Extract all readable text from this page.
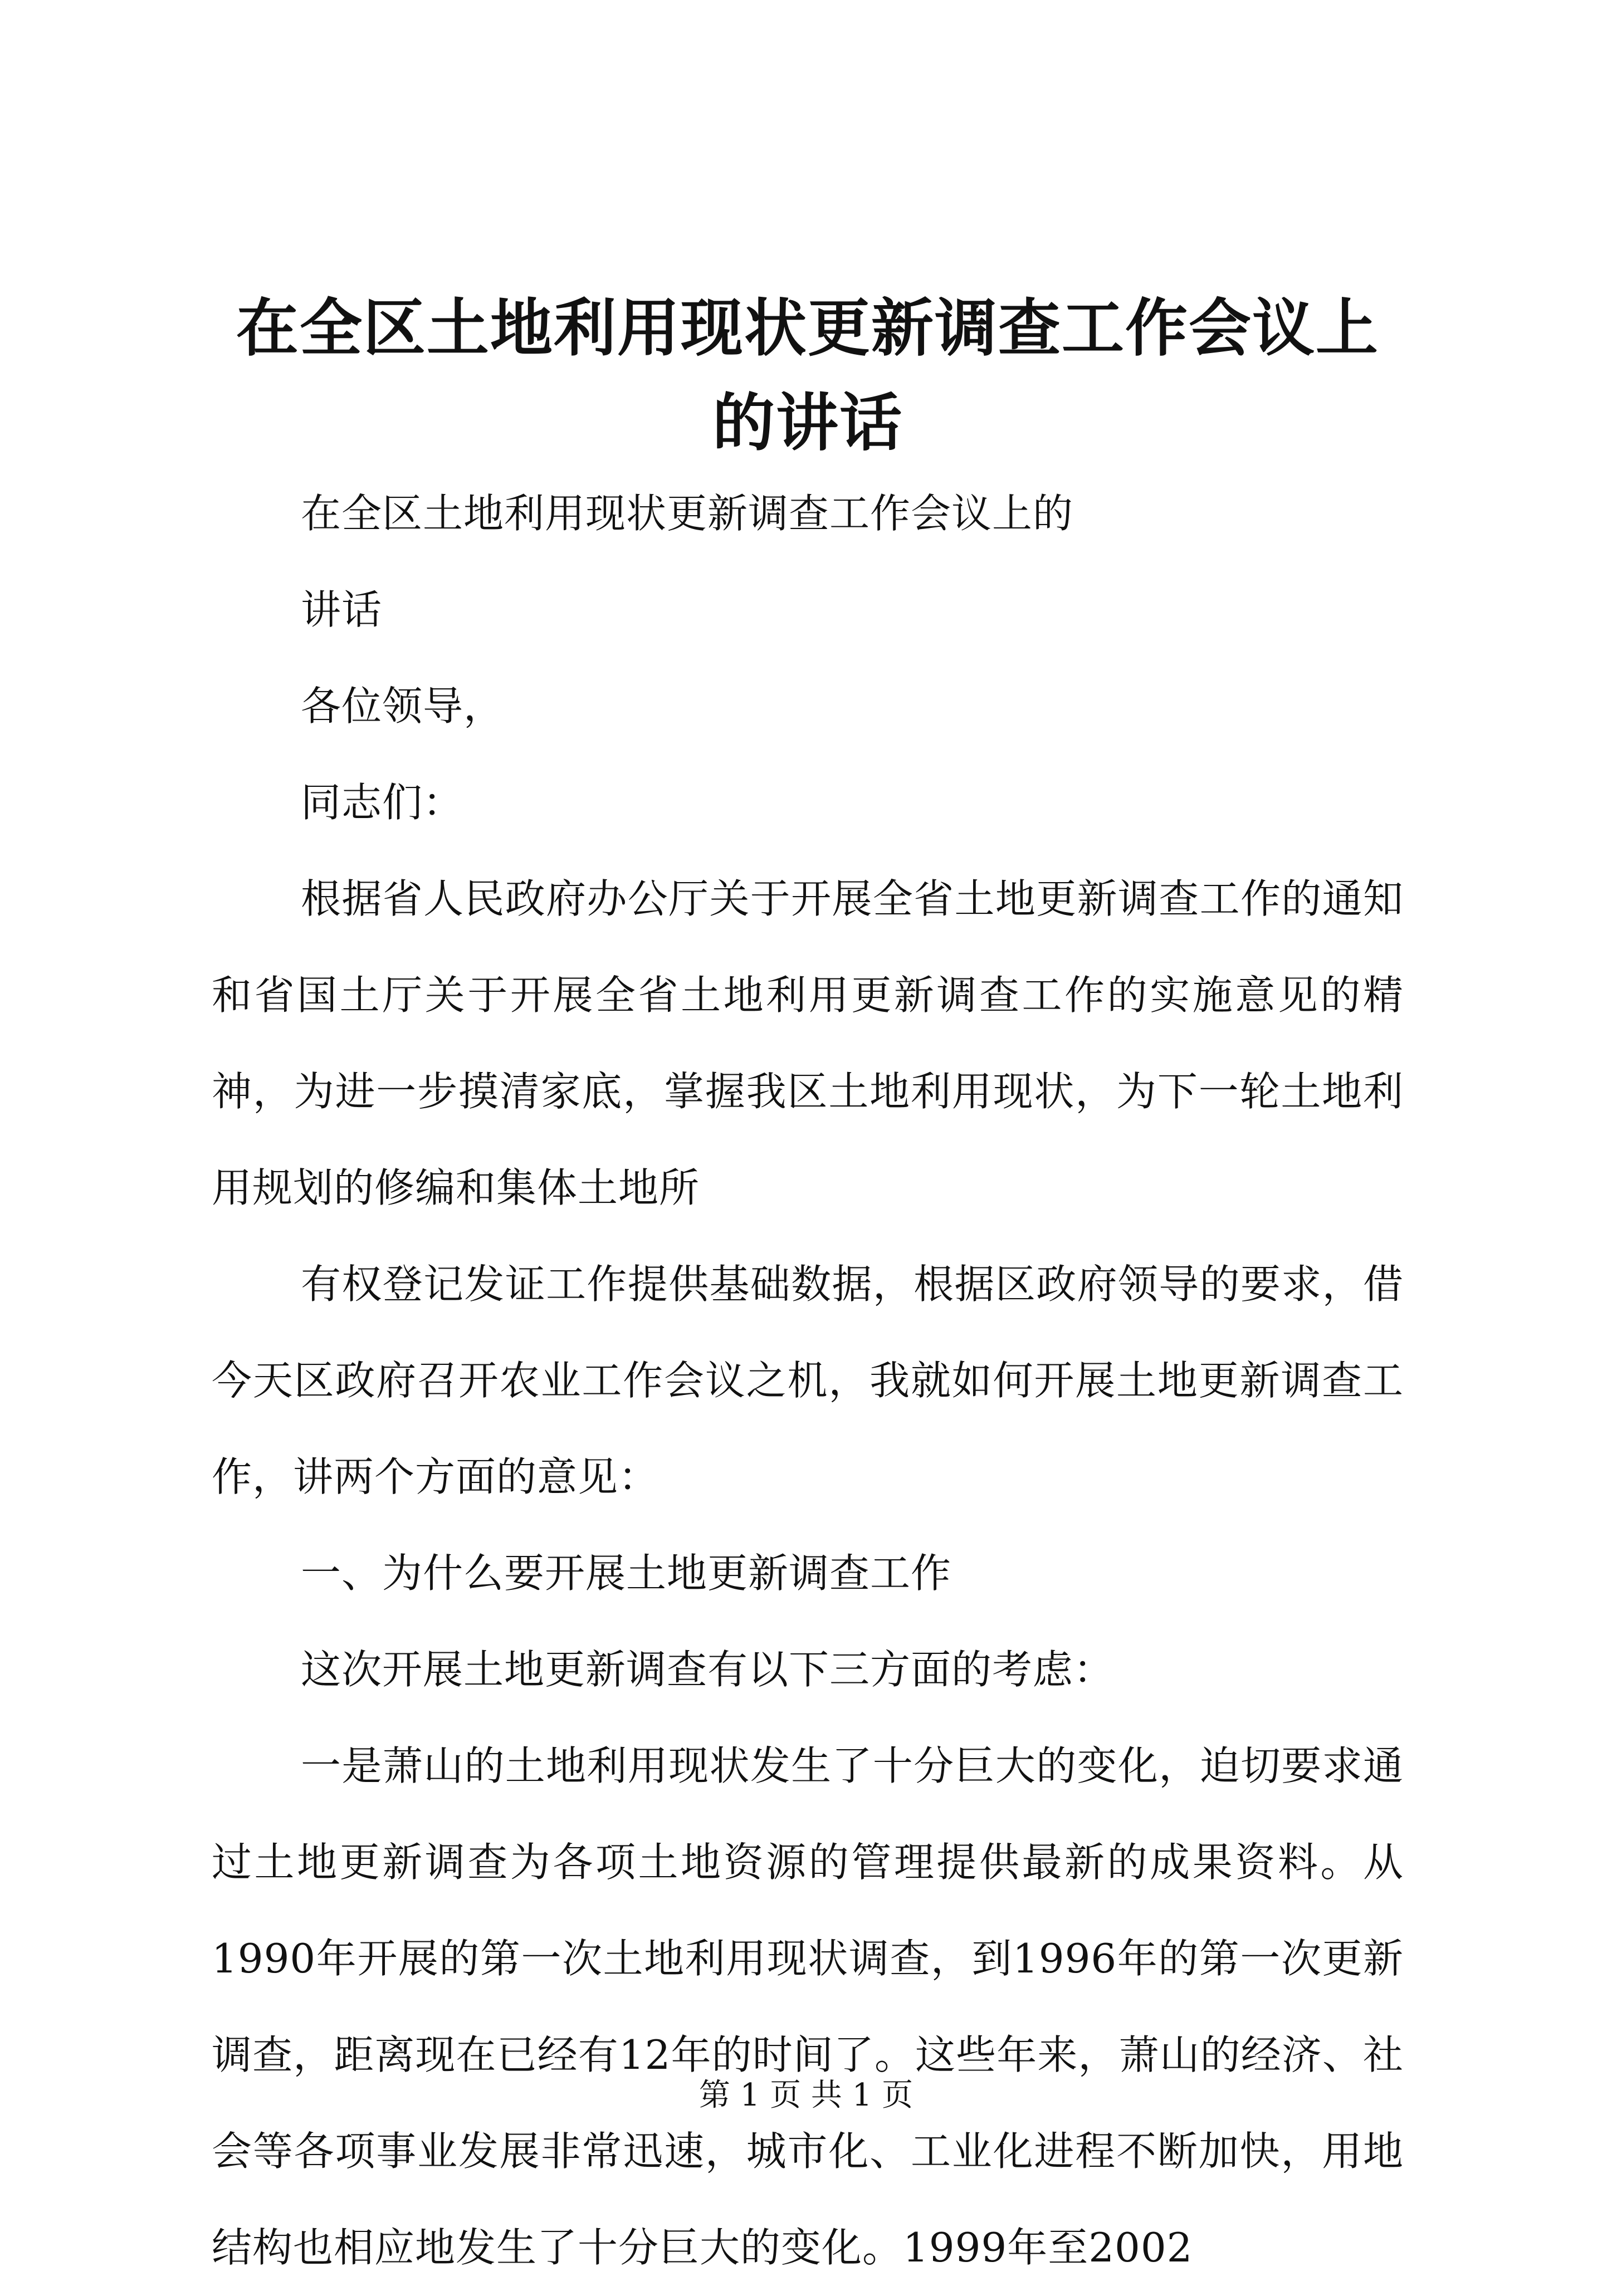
在全区土地利用现状更新调查工作会议上的讲话

在全区土地利用现状更新调查工作会议上的

讲话

各位领导，

同志们：

根据省人民政府办公厅关于开展全省土地更新调查工作的通知和省国土厅关于开展全省土地利用更新调查工作的实施意见的精神，为进一步摸清家底，掌握我区土地利用现状，为下一轮土地利用规划的修编和集体土地所

有权登记发证工作提供基础数据，根据区政府领导的要求，借今天区政府召开农业工作会议之机，我就如何开展土地更新调查工作，讲两个方面的意见：

一、为什么要开展土地更新调查工作

这次开展土地更新调查有以下三方面的考虑：

一是萧山的土地利用现状发生了十分巨大的变化，迫切要求通过土地更新调查为各项土地资源的管理提供最新的成果资料。从1990年开展的第一次土地利用现状调查，到1996年的第一次更新调查，距离现在已经有12年的时间了。这些年来，萧山的经济、社会等各项事业发展非常迅速，城市化、工业化进程不断加快，用地结构也相应地发生了十分巨大的变化。1999年至2002

第 1 页 共 1 页
